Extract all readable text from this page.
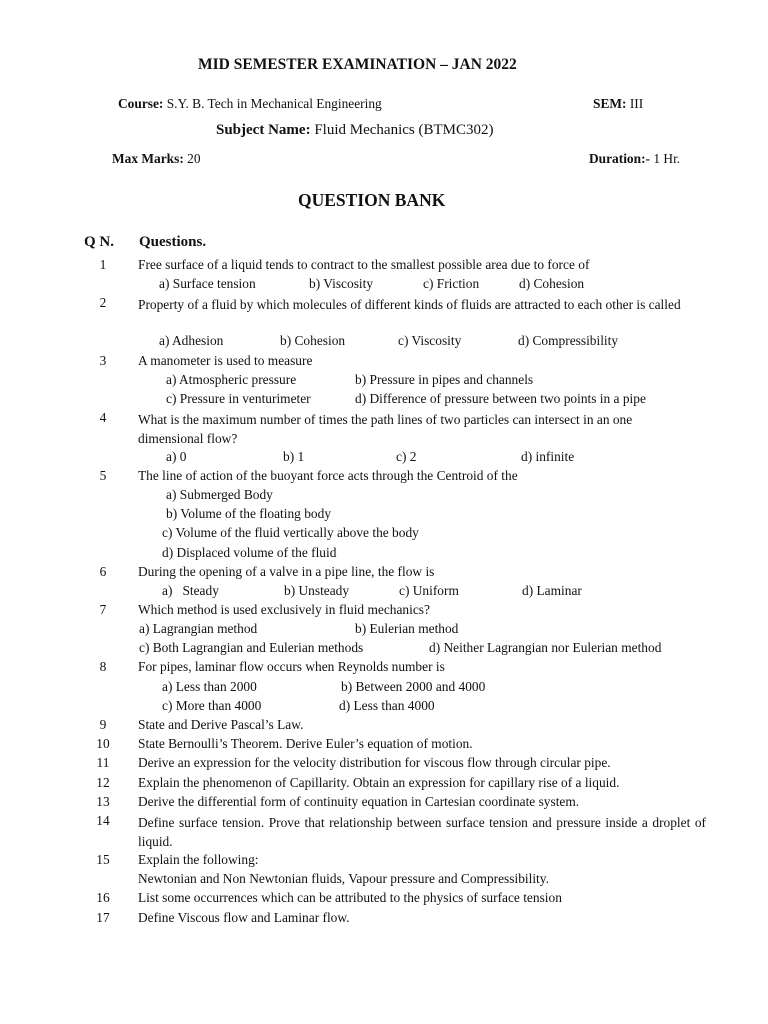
MID SEMESTER EXAMINATION – JAN 2022
Course: S.Y. B. Tech in Mechanical Engineering	SEM: III
Subject Name: Fluid Mechanics (BTMC302)
Max Marks: 20	Duration:- 1 Hr.
QUESTION BANK
Q N. Questions.
1	Free surface of a liquid tends to contract to the smallest possible area due to force of
a) Surface tension	b) Viscosity	c) Friction	d) Cohesion
2	Property of a fluid by which molecules of different kinds of fluids are attracted to each other is called
a) Adhesion	b) Cohesion	c) Viscosity	d) Compressibility
3	A manometer is used to measure
a) Atmospheric pressure	b) Pressure in pipes and channels
c) Pressure in venturimeter	d) Difference of pressure between two points in a pipe
4	What is the maximum number of times the path lines of two particles can intersect in an one dimensional flow?
a) 0	b) 1	c) 2	d) infinite
5	The line of action of the buoyant force acts through the Centroid of the
a) Submerged Body
b) Volume of the floating body
c) Volume of the fluid vertically above the body
d) Displaced volume of the fluid
6	During the opening of a valve in a pipe line, the flow is
a)   Steady	b) Unsteady	c) Uniform	d) Laminar
7	Which method is used exclusively in fluid mechanics?
a) Lagrangian method	b) Eulerian method
c) Both Lagrangian and Eulerian methods	d) Neither Lagrangian nor Eulerian method
8	For pipes, laminar flow occurs when Reynolds number is
a) Less than 2000	b) Between 2000 and 4000
c) More than 4000	d) Less than 4000
9	State and Derive Pascal’s Law.
10	State Bernoulli’s Theorem. Derive Euler’s equation of motion.
11	Derive an expression for the velocity distribution for viscous flow through circular pipe.
12	Explain the phenomenon of Capillarity. Obtain an expression for capillary rise of a liquid.
13	Derive the differential form of continuity equation in Cartesian coordinate system.
14	Define surface tension. Prove that relationship between surface tension and pressure inside a droplet of liquid.
15	Explain the following:
Newtonian and Non Newtonian fluids, Vapour pressure and Compressibility.
16	List some occurrences which can be attributed to the physics of surface tension
17	Define Viscous flow and Laminar flow.
